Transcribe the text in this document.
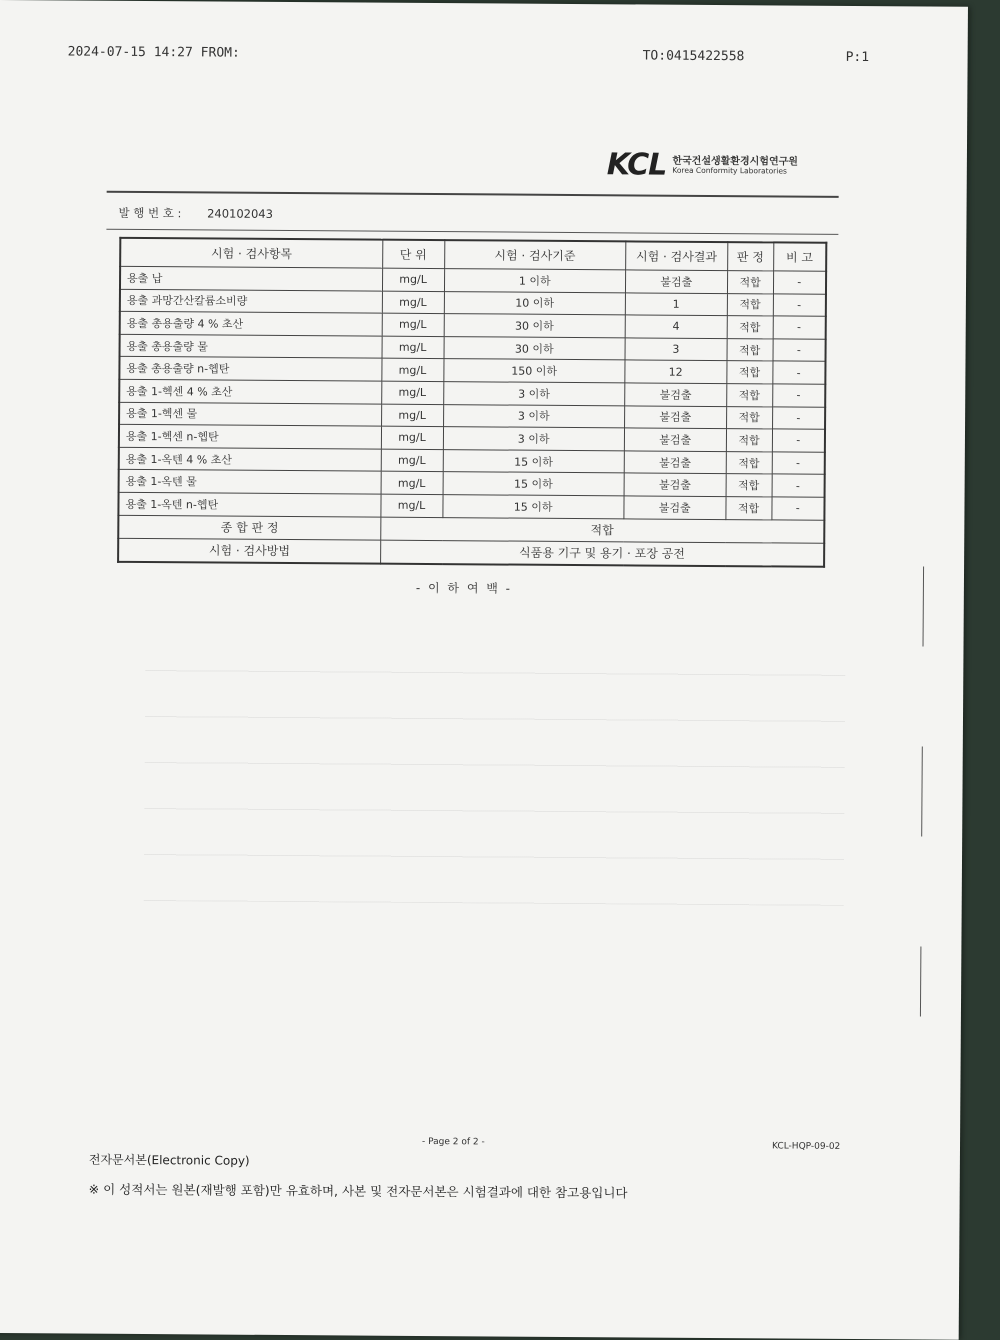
2024-07-15 14:27 FROM:	TO:0415422558	P:1
KCL 한국건설생활환경시험연구원
Korea Conformity Laboratories
발 행 번 호 : 240102043
시험 · 검사항목	단 위	시험 · 검사기준	시험 · 검사결과	판 정	비 고
용출 납	mg/L	1 이하	불검출	적합	-
용출 과망간산칼륨소비량	mg/L	10 이하	1	적합	-
용출 총용출량 4 % 초산	mg/L	30 이하	4	적합	-
용출 총용출량 물	mg/L	30 이하	3	적합	-
용출 총용출량 n-헵탄	mg/L	150 이하	12	적합	-
용출 1-헥센 4 % 초산	mg/L	3 이하	불검출	적합	-
용출 1-헥센 물	mg/L	3 이하	불검출	적합	-
용출 1-헥센 n-헵탄	mg/L	3 이하	불검출	적합	-
용출 1-옥텐 4 % 초산	mg/L	15 이하	불검출	적합	-
용출 1-옥텐 물	mg/L	15 이하	불검출	적합	-
용출 1-옥텐 n-헵탄	mg/L	15 이하	불검출	적합	-
종 합 판 정	적합				
시험 · 검사방법	식품용 기구 및 용기 · 포장 공전				
- 이 하 여 백 -
- Page 2 of 2 -	KCL-HQP-09-02
전자문서본(Electronic Copy)
※ 이 성적서는 원본(재발행 포함)만 유효하며, 사본 및 전자문서본은 시험결과에 대한 참고용입니다
